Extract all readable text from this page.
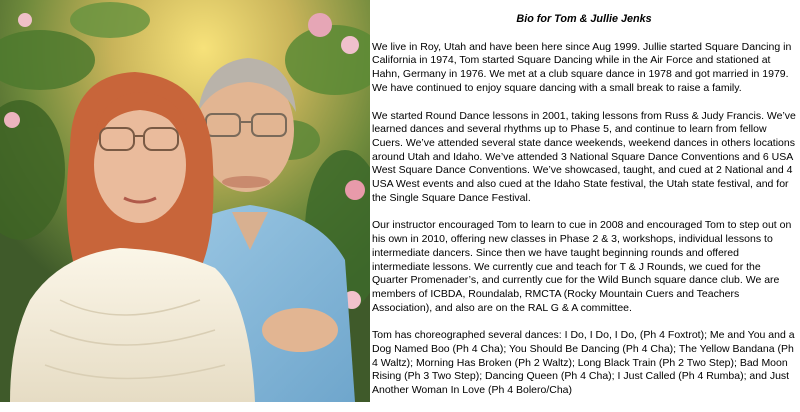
Bio for Tom & Jullie Jenks
We live in Roy, Utah and have been here since Aug 1999. Jullie started Square Dancing in California in 1974, Tom started Square Dancing while in the Air Force and stationed at Hahn, Germany in 1976. We met at a club square dance in 1978 and got married in 1979. We have continued to enjoy square dancing with a small break to raise a family.
We started Round Dance lessons in 2001, taking lessons from Russ & Judy Francis. We’ve learned dances and several rhythms up to Phase 5, and continue to learn from fellow Cuers. We’ve attended several state dance weekends, weekend dances in others locations around Utah and Idaho. We’ve attended 3 National Square Dance Conventions and 6 USA West Square Dance Conventions. We’ve showcased, taught, and cued at 2 National and 4 USA West events and also cued at the Idaho State festival, the Utah state festival, and for the Single Square Dance Festival.
Our instructor encouraged Tom to learn to cue in 2008 and encouraged Tom to step out on his own in 2010, offering new classes in Phase 2 & 3, workshops, individual lessons to intermediate dancers. Since then we have taught beginning rounds and offered intermediate lessons. We currently cue and teach for T & J Rounds, we cued for the Quarter Promenader’s, and currently cue for the Wild Bunch square dance club. We are members of ICBDA, Roundalab, RMCTA (Rocky Mountain Cuers and Teachers Association), and also are on the RAL G & A committee.
Tom has choreographed several dances: I Do, I Do, I Do, (Ph 4 Foxtrot); Me and You and a Dog Named Boo (Ph 4 Cha); You Should Be Dancing (Ph 4 Cha); The Yellow Bandana (Ph 4 Waltz); Morning Has Broken (Ph 2 Waltz); Long Black Train (Ph 2 Two Step); Bad Moon Rising (Ph 3 Two Step); Dancing Queen (Ph 4 Cha); I Just Called (Ph 4 Rumba); and Just Another Woman In Love (Ph 4 Bolero/Cha)
